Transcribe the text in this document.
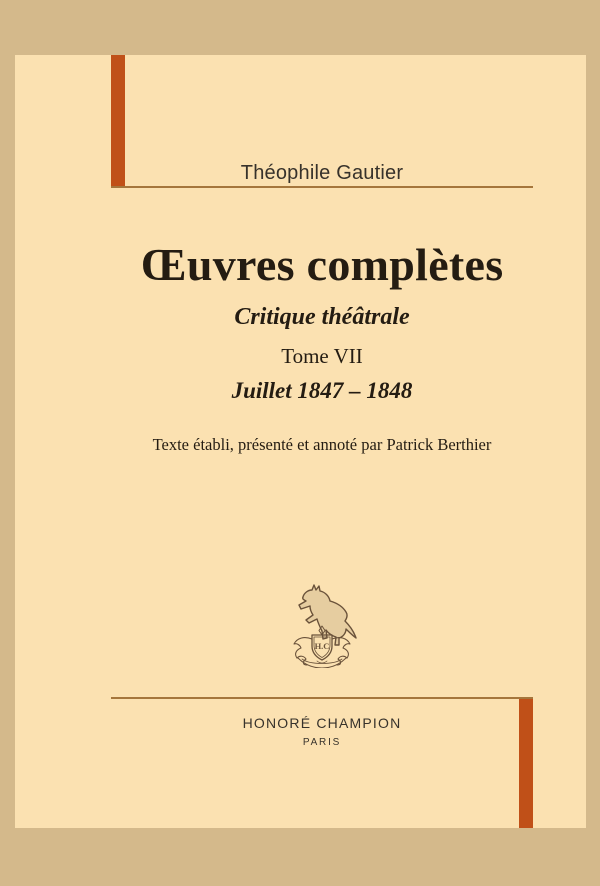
Théophile Gautier
Œuvres complètes
Critique théâtrale
Tome VII
Juillet 1847 – 1848
Texte établi, présenté et annoté par Patrick Berthier
H.C
HONORÉ CHAMPION
PARIS
